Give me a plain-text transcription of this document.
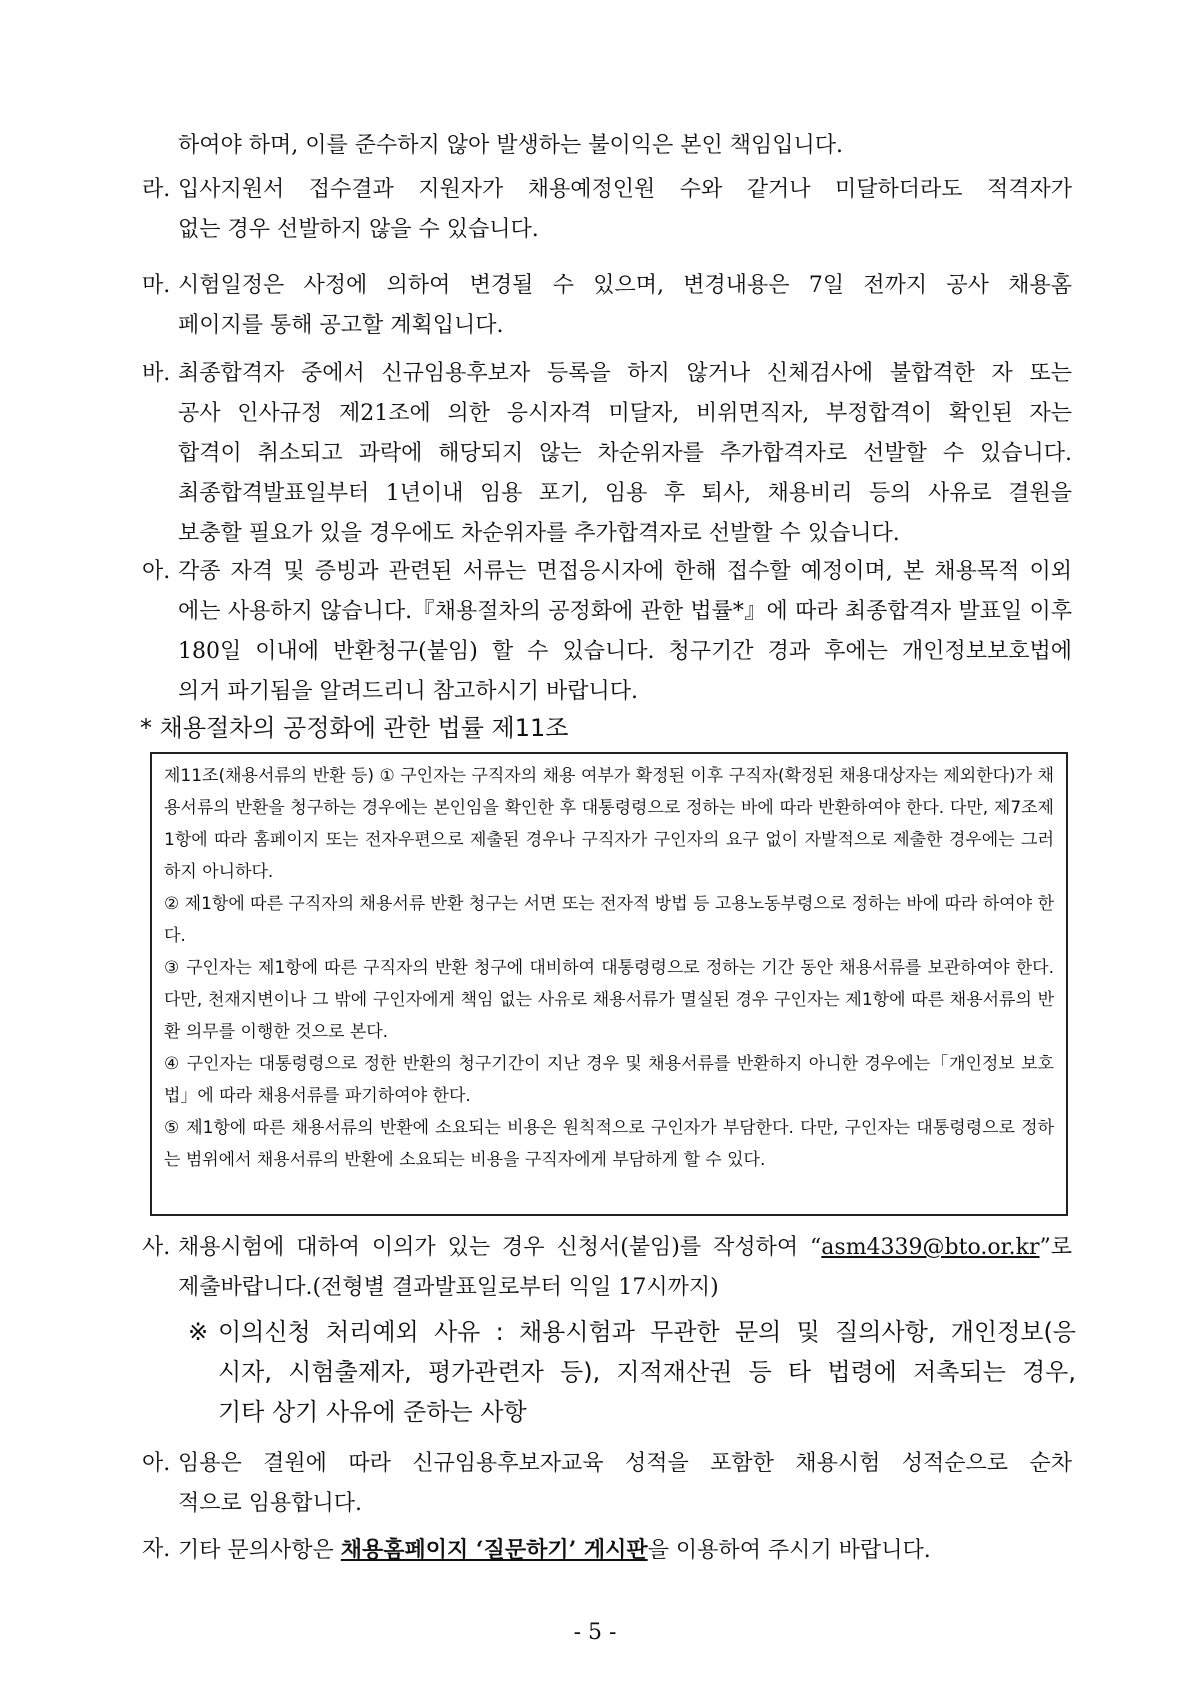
하여야 하며, 이를 준수하지 않아 발생하는 불이익은 본인 책임입니다.
라. 입사지원서 접수결과 지원자가 채용예정인원 수와 같거나 미달하더라도 적격자가
없는 경우 선발하지 않을 수 있습니다.
마. 시험일정은 사정에 의하여 변경될 수 있으며, 변경내용은 7일 전까지 공사 채용홈
페이지를 통해 공고할 계획입니다.
바. 최종합격자 중에서 신규임용후보자 등록을 하지 않거나 신체검사에 불합격한 자 또는
공사 인사규정 제21조에 의한 응시자격 미달자, 비위면직자, 부정합격이 확인된 자는
합격이 취소되고 과락에 해당되지 않는 차순위자를 추가합격자로 선발할 수 있습니다.
최종합격발표일부터 1년이내 임용 포기, 임용 후 퇴사, 채용비리 등의 사유로 결원을
보충할 필요가 있을 경우에도 차순위자를 추가합격자로 선발할 수 있습니다.
아. 각종 자격 및 증빙과 관련된 서류는 면접응시자에 한해 접수할 예정이며, 본 채용목적 이외
에는 사용하지 않습니다.『채용절차의 공정화에 관한 법률*』에 따라 최종합격자 발표일 이후
180일 이내에 반환청구(붙임) 할 수 있습니다. 청구기간 경과 후에는 개인정보보호법에
의거 파기됨을 알려드리니 참고하시기 바랍니다.
* 채용절차의 공정화에 관한 법률 제11조

제11조(채용서류의 반환 등) ① 구인자는 구직자의 채용 여부가 확정된 이후 구직자(확정된 채용대상자는 제외한다)가 채용서류의 반환을 청구하는 경우에는 본인임을 확인한 후 대통령령으로 정하는 바에 따라 반환하여야 한다. 다만, 제7조제1항에 따라 홈페이지 또는 전자우편으로 제출된 경우나 구직자가 구인자의 요구 없이 자발적으로 제출한 경우에는 그러하지 아니하다.

② 제1항에 따른 구직자의 채용서류 반환 청구는 서면 또는 전자적 방법 등 고용노동부령으로 정하는 바에 따라 하여야 한다.

③ 구인자는 제1항에 따른 구직자의 반환 청구에 대비하여 대통령령으로 정하는 기간 동안 채용서류를 보관하여야 한다. 다만, 천재지변이나 그 밖에 구인자에게 책임 없는 사유로 채용서류가 멸실된 경우 구인자는 제1항에 따른 채용서류의 반환 의무를 이행한 것으로 본다.

④ 구인자는 대통령령으로 정한 반환의 청구기간이 지난 경우 및 채용서류를 반환하지 아니한 경우에는「개인정보 보호법」에 따라 채용서류를 파기하여야 한다.

⑤ 제1항에 따른 채용서류의 반환에 소요되는 비용은 원칙적으로 구인자가 부담한다. 다만, 구인자는 대통령령으로 정하는 범위에서 채용서류의 반환에 소요되는 비용을 구직자에게 부담하게 할 수 있다.

사. 채용시험에 대하여 이의가 있는 경우 신청서(붙임)를 작성하여 “asm4339@bto.or.kr”로
제출바랍니다.(전형별 결과발표일로부터 익일 17시까지)
※ 이의신청 처리예외 사유 : 채용시험과 무관한 문의 및 질의사항, 개인정보(응
시자, 시험출제자, 평가관련자 등), 지적재산권 등 타 법령에 저촉되는 경우,
기타 상기 사유에 준하는 사항
아. 임용은 결원에 따라 신규임용후보자교육 성적을 포함한 채용시험 성적순으로 순차
적으로 임용합니다.
자. 기타 문의사항은 채용홈페이지 ‘질문하기’ 게시판을 이용하여 주시기 바랍니다.
- 5 -
